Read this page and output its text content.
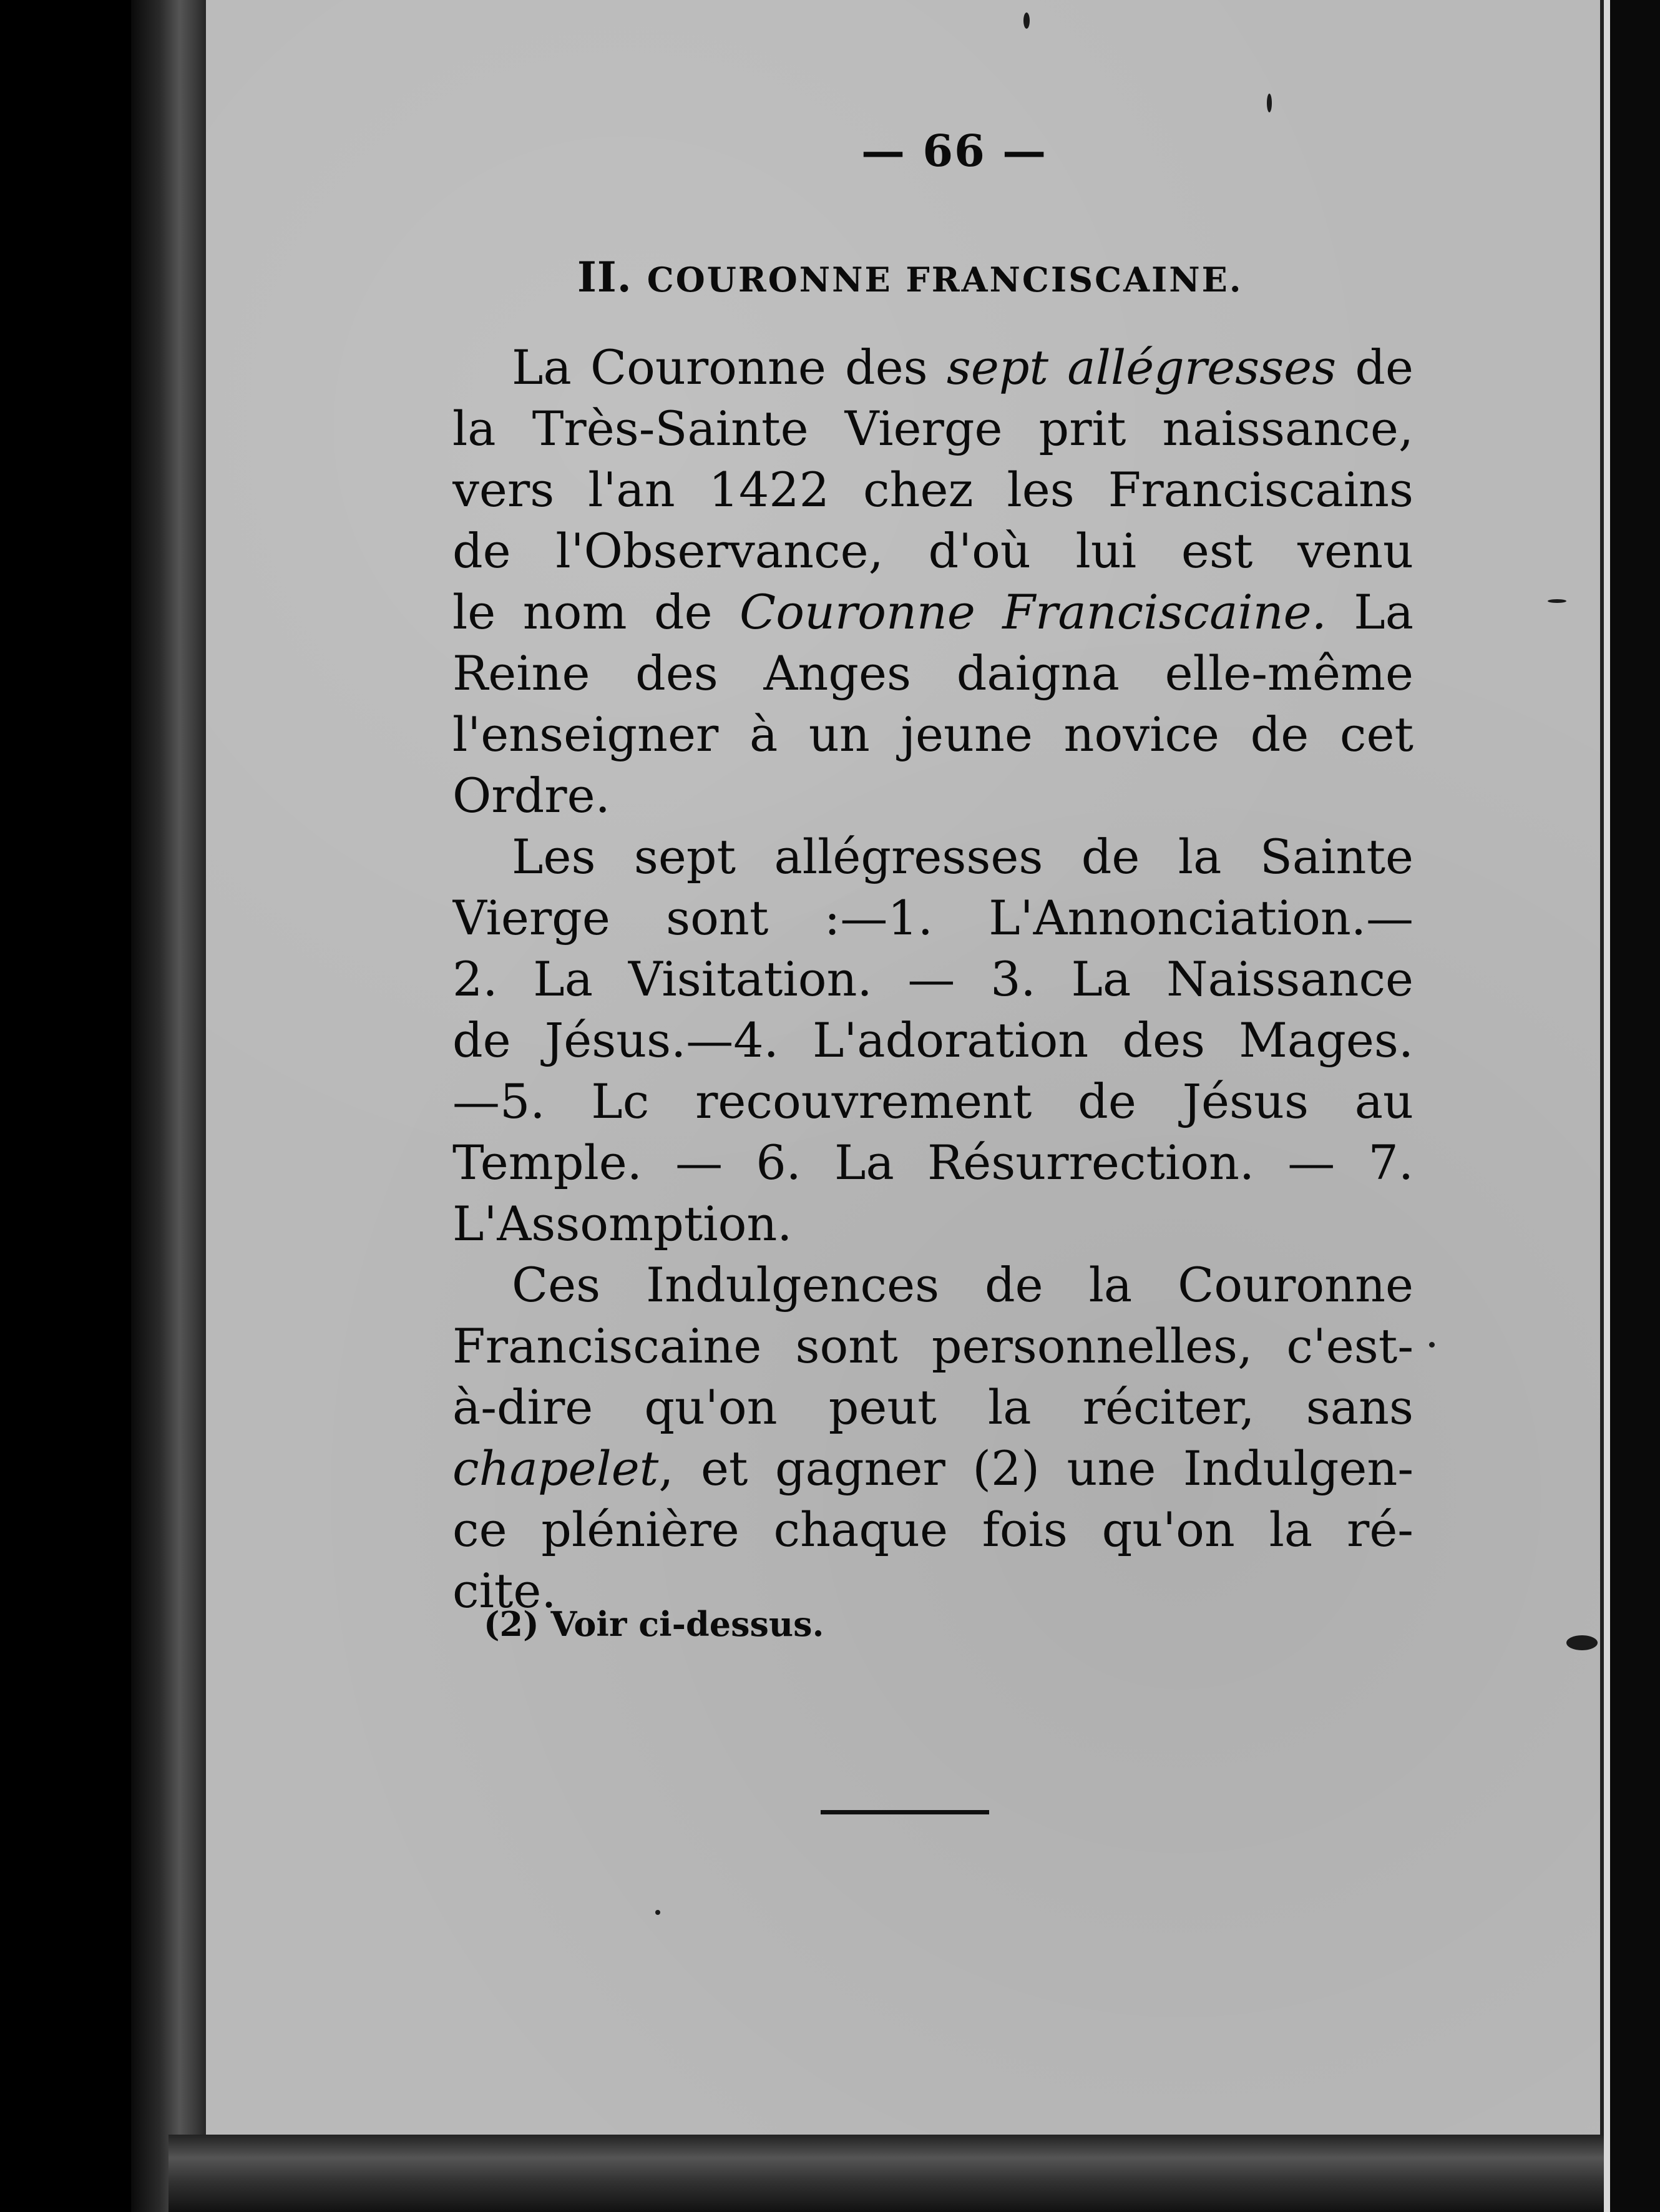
— 66 —
II. COURONNE FRANCISCAINE.
La Couronne des sept allégresses de
la Très-Sainte Vierge prit naissance,
vers l'an 1422 chez les Franciscains
de l'Observance, d'où lui est venu
le nom de Couronne Franciscaine. La
Reine des Anges daigna elle-même
l'enseigner à un jeune novice de cet
Ordre.
Les sept allégresses de la Sainte
Vierge sont :—1. L'Annonciation.—
2. La Visitation. — 3. La Naissance
de Jésus.—4. L'adoration des Mages.
—5. Lc recouvrement de Jésus au
Temple. — 6. La Résurrection. — 7.
L'Assomption.
Ces Indulgences de la Couronne
Franciscaine sont personnelles, c'est-
à-dire qu'on peut la réciter, sans
chapelet, et gagner (2) une Indulgen-
ce plénière chaque fois qu'on la ré-
cite.
(2) Voir ci-dessus.
